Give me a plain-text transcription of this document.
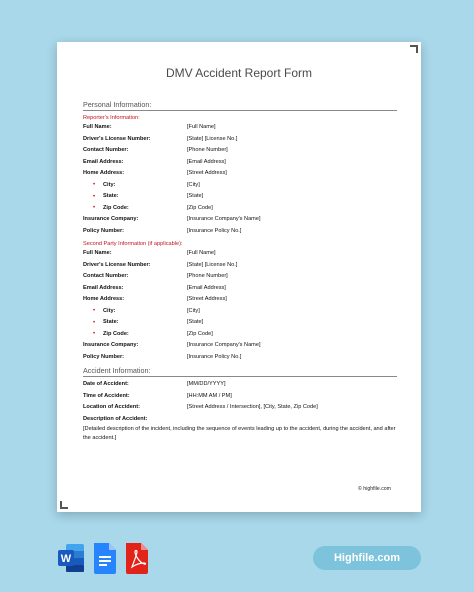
DMV Accident Report Form
Personal Information:
Reporter's Information:
Full Name:	[Full Name]
Driver's License Number:	[State] [License No.]
Contact Number:	[Phone Number]
Email Address:	[Email Address]
Home Address:	[Street Address]
• City:	[City]
• State:	[State]
• Zip Code:	[Zip Code]
Insurance Company:	[Insurance Company's Name]
Policy Number:	[Insurance Policy No.]
Second Party Information (if applicable):
Full Name:	[Full Name]
Driver's License Number:	[State] [License No.]
Contact Number:	[Phone Number]
Email Address:	[Email Address]
Home Address:	[Street Address]
• City:	[City]
• State:	[State]
• Zip Code:	[Zip Code]
Insurance Company:	[Insurance Company's Name]
Policy Number:	[Insurance Policy No.]
Accident Information:
Date of Accident:	[MM/DD/YYYY]
Time of Accident:	[HH:MM AM / PM]
Location of Accident:	[Street Address / Intersection], [City, State, Zip Code]
Description of Accident:
[Detailed description of the incident, including the sequence of events leading up to the accident, during the accident, and after the accident.]
© highfile.com
W	Highfile.com
